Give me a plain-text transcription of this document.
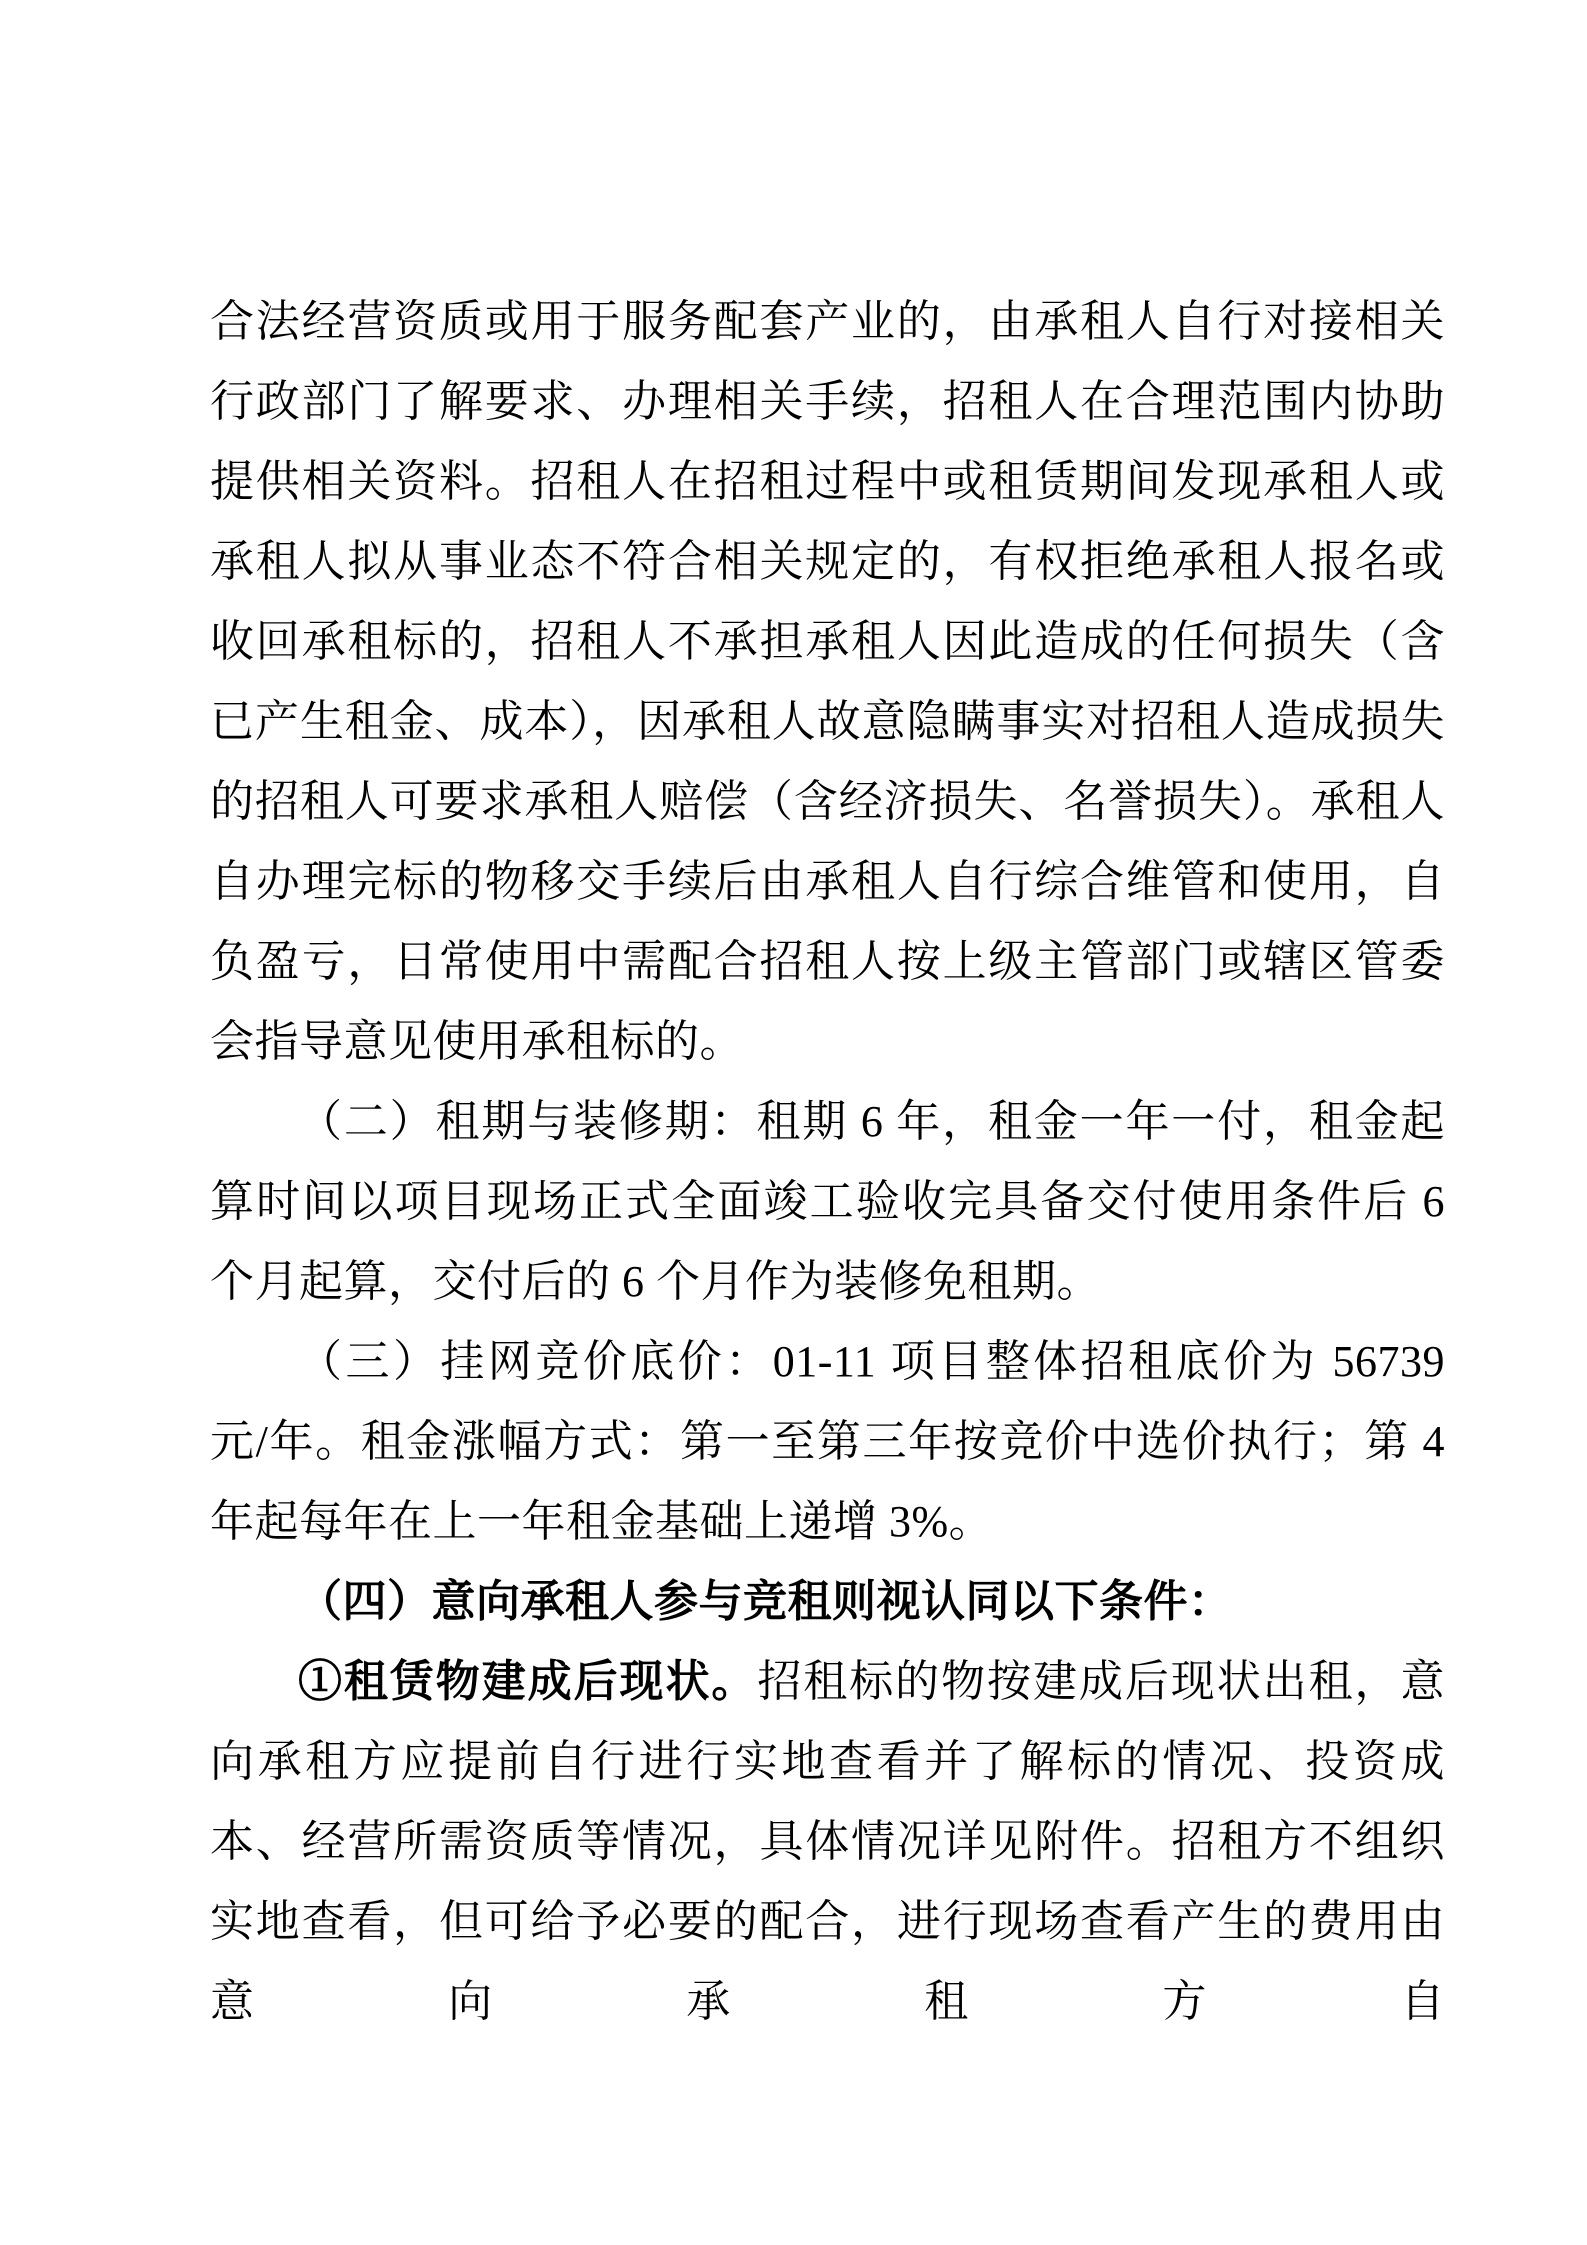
合法经营资质或用于服务配套产业的，由承租人自行对接相关行政部门了解要求、办理相关手续，招租人在合理范围内协助提供相关资料。招租人在招租过程中或租赁期间发现承租人或承租人拟从事业态不符合相关规定的，有权拒绝承租人报名或收回承租标的，招租人不承担承租人因此造成的任何损失（含已产生租金、成本），因承租人故意隐瞒事实对招租人造成损失的招租人可要求承租人赔偿（含经济损失、名誉损失）。承租人自办理完标的物移交手续后由承租人自行综合维管和使用，自负盈亏，日常使用中需配合招租人按上级主管部门或辖区管委会指导意见使用承租标的。

（二）租期与装修期：租期 6 年，租金一年一付，租金起算时间以项目现场正式全面竣工验收完具备交付使用条件后 6 个月起算，交付后的 6 个月作为装修免租期。

（三）挂网竞价底价：01-11 项目整体招租底价为 56739 元/年。租金涨幅方式：第一至第三年按竞价中选价执行；第 4 年起每年在上一年租金基础上递增 3%。

（四）意向承租人参与竞租则视认同以下条件：

①租赁物建成后现状。招租标的物按建成后现状出租，意向承租方应提前自行进行实地查看并了解标的情况、投资成本、经营所需资质等情况，具体情况详见附件。招租方不组织实地查看，但可给予必要的配合，进行现场查看产生的费用由意向承租方自
